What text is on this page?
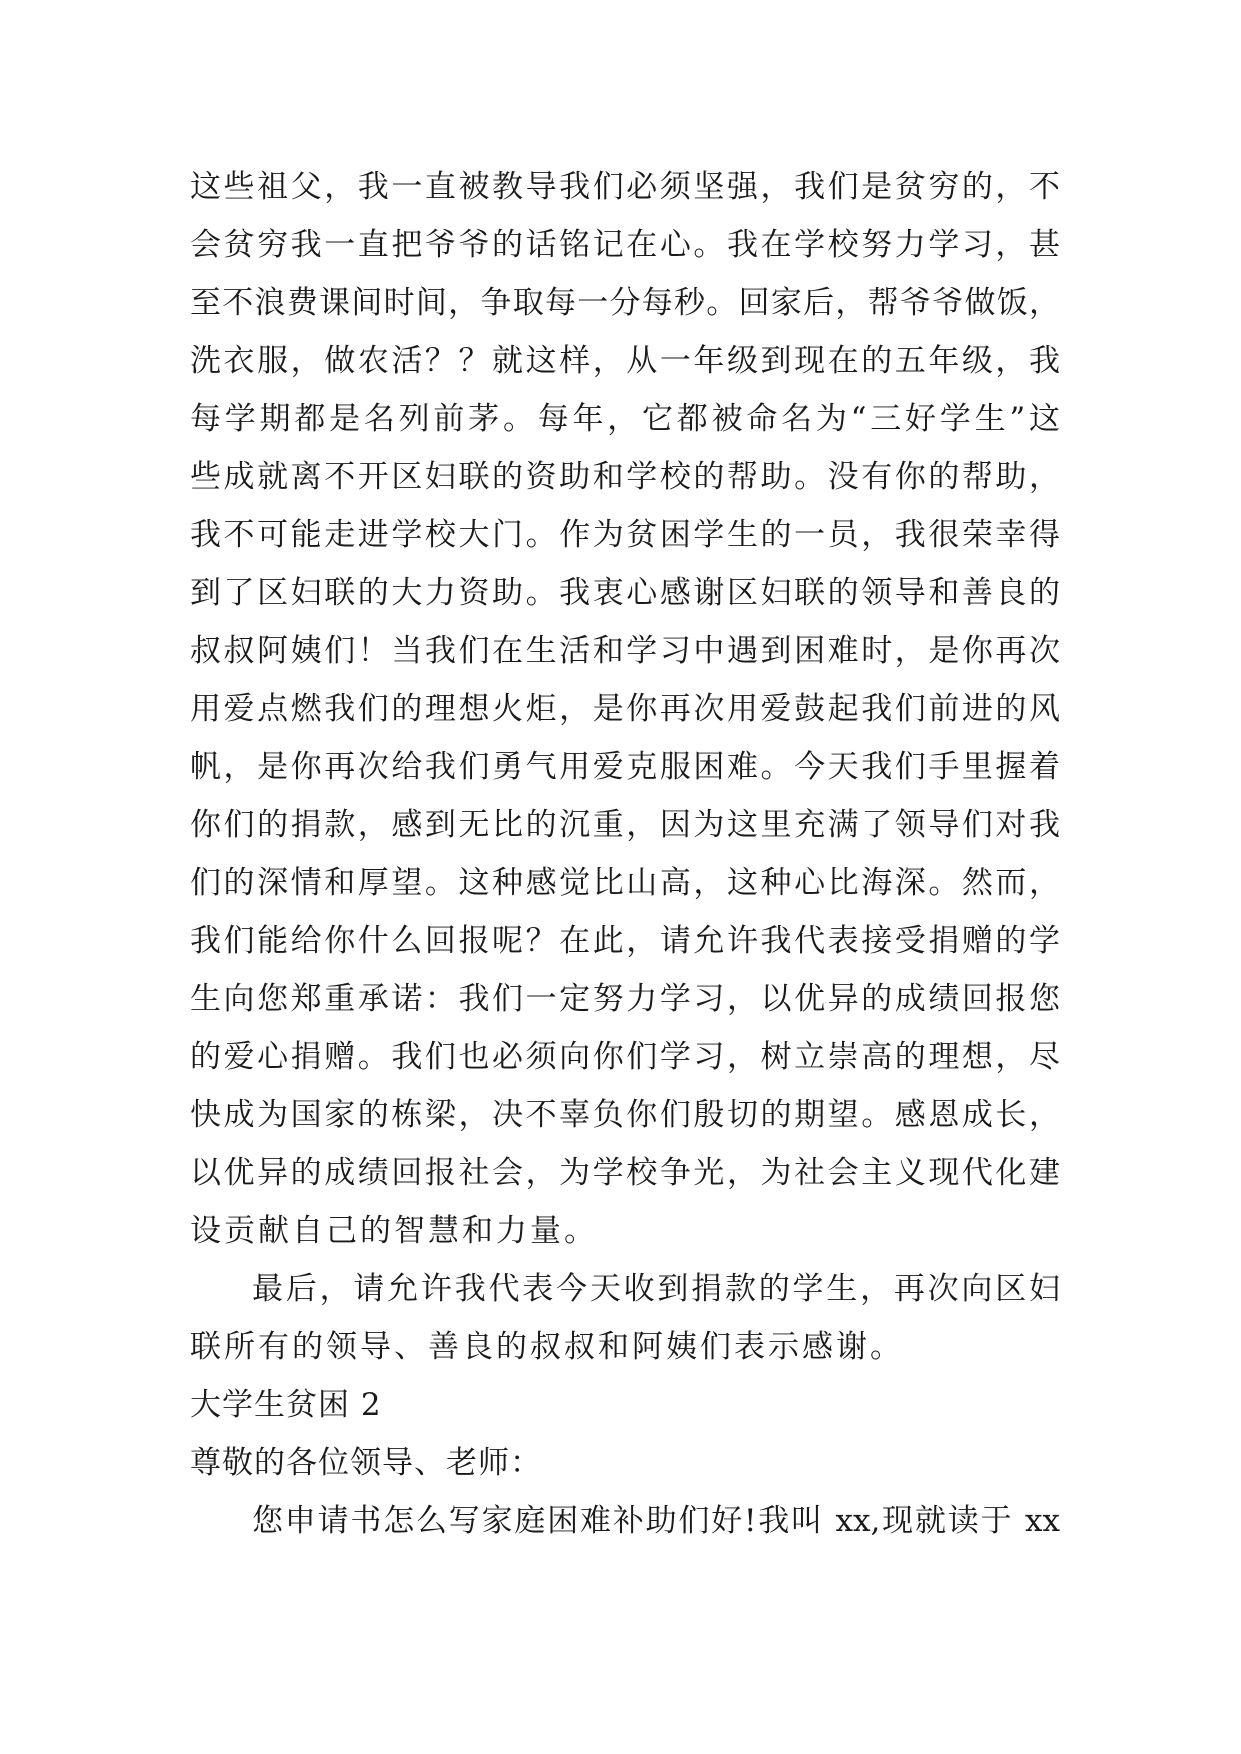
这些祖父，我一直被教导我们必须坚强，我们是贫穷的，不
会贫穷我一直把爷爷的话铭记在心。我在学校努力学习，甚
至不浪费课间时间，争取每一分每秒。回家后，帮爷爷做饭，
洗衣服，做农活？？就这样，从一年级到现在的五年级，我
每学期都是名列前茅。每年，它都被命名为“三好学生”这
些成就离不开区妇联的资助和学校的帮助。没有你的帮助，
我不可能走进学校大门。作为贫困学生的一员，我很荣幸得
到了区妇联的大力资助。我衷心感谢区妇联的领导和善良的
叔叔阿姨们！当我们在生活和学习中遇到困难时，是你再次
用爱点燃我们的理想火炬，是你再次用爱鼓起我们前进的风
帆，是你再次给我们勇气用爱克服困难。今天我们手里握着
你们的捐款，感到无比的沉重，因为这里充满了领导们对我
们的深情和厚望。这种感觉比山高，这种心比海深。然而，
我们能给你什么回报呢？在此，请允许我代表接受捐赠的学
生向您郑重承诺：我们一定努力学习，以优异的成绩回报您
的爱心捐赠。我们也必须向你们学习，树立崇高的理想，尽
快成为国家的栋梁，决不辜负你们殷切的期望。感恩成长，
以优异的成绩回报社会，为学校争光，为社会主义现代化建
设贡献自己的智慧和力量。
最后，请允许我代表今天收到捐款的学生，再次向区妇
联所有的领导、善良的叔叔和阿姨们表示感谢。
大学生贫困 2
尊敬的各位领导、老师：
您申请书怎么写家庭困难补助们好!我叫 xx,现就读于 xx
